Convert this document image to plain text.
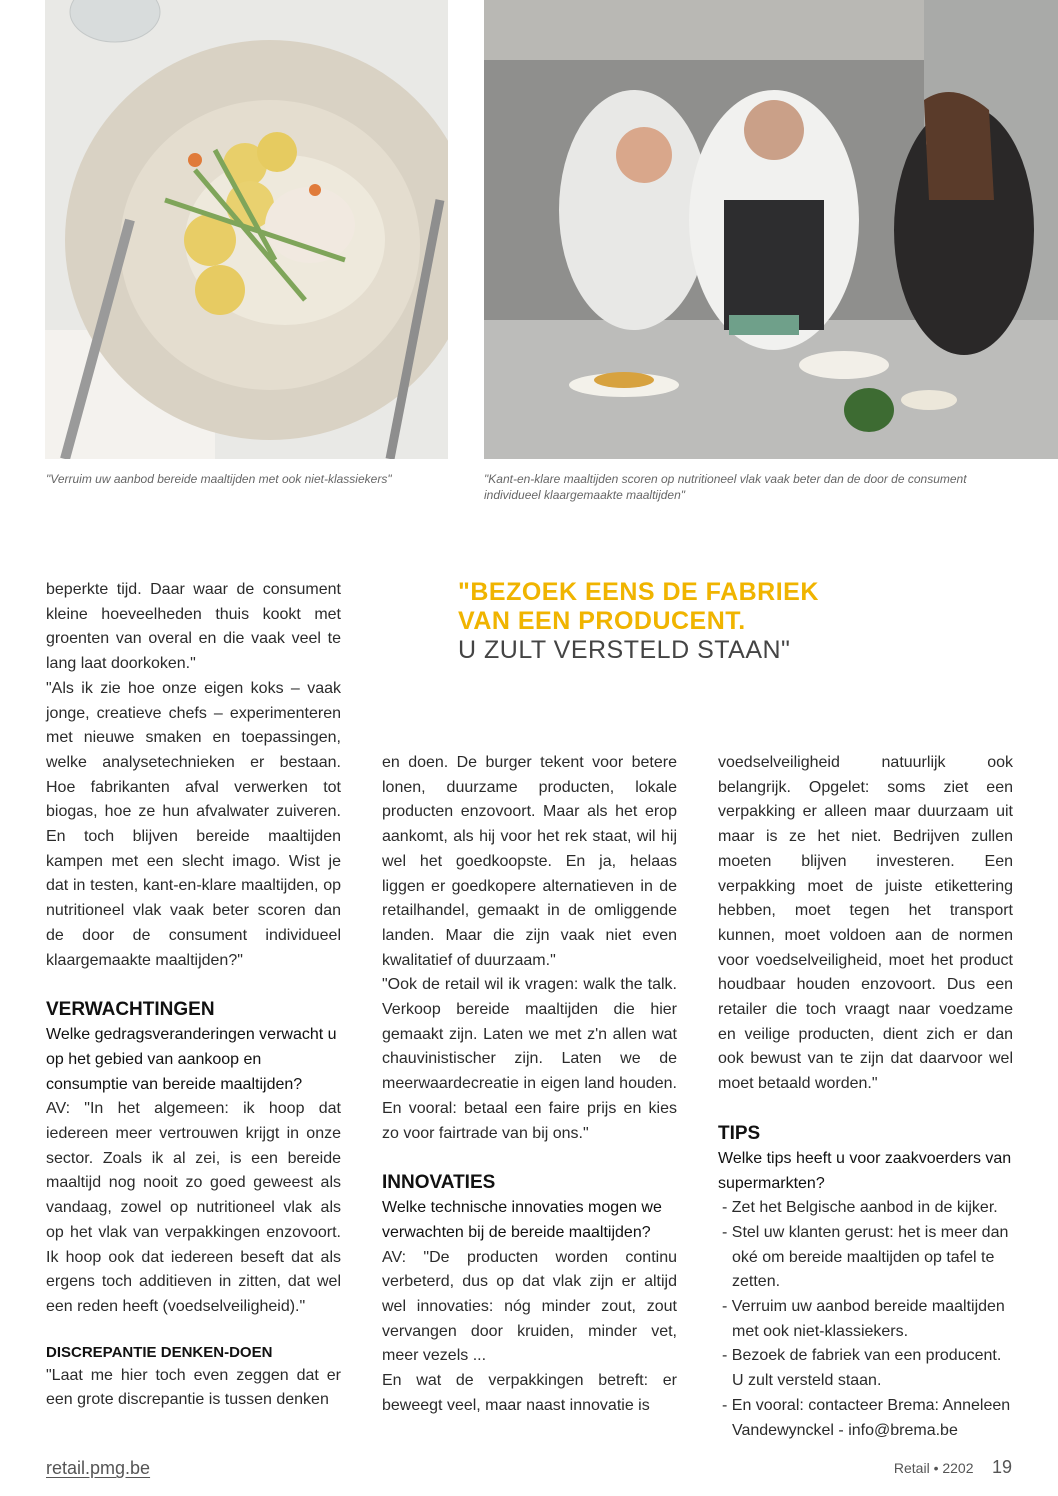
"Verruim uw aanbod bereide maaltijden met ook niet-klassiekers"	"Kant-en-klare maaltijden scoren op nutritioneel vlak vaak beter dan de door de consument individueel klaargemaakte maaltijden"
"BEZOEK EENS DE FABRIEK
VAN EEN PRODUCENT.
U ZULT VERSTELD STAAN"

beperkte tijd. Daar waar de consument kleine hoeveelheden thuis kookt met groenten van overal en die vaak veel te lang laat doorkoken."

"Als ik zie hoe onze eigen koks – vaak jonge, creatieve chefs – experimenteren met nieuwe smaken en toepassingen, welke analysetechnieken er bestaan. Hoe fabrikanten afval verwerken tot biogas, hoe ze hun afvalwater zuiveren. En toch blijven bereide maaltijden kampen met een slecht imago. Wist je dat in testen, kant-en-klare maaltijden, op nutritioneel vlak vaak beter scoren dan de door de consument individueel klaargemaakte maaltijden?"

VERWACHTINGEN

Welke gedragsveranderingen verwacht u op het gebied van aankoop en consumptie van bereide maaltijden?

AV: "In het algemeen: ik hoop dat iedereen meer vertrouwen krijgt in onze sector. Zoals ik al zei, is een bereide maaltijd nog nooit zo goed geweest als vandaag, zowel op nutritioneel vlak als op het vlak van verpakkingen enzovoort. Ik hoop ook dat iedereen beseft dat als ergens toch additieven in zitten, dat wel een reden heeft (voedselveiligheid)."

DISCREPANTIE DENKEN-DOEN

"Laat me hier toch even zeggen dat er een grote discrepantie is tussen denken

en doen. De burger tekent voor betere lonen, duurzame producten, lokale producten enzovoort. Maar als het erop aankomt, als hij voor het rek staat, wil hij wel het goedkoopste. En ja, helaas liggen er goedkopere alternatieven in de retailhandel, gemaakt in de omliggende landen. Maar die zijn vaak niet even kwalitatief of duurzaam."

"Ook de retail wil ik vragen: walk the talk. Verkoop bereide maaltijden die hier gemaakt zijn. Laten we met z'n allen wat chauvinistischer zijn. Laten we de meerwaardecreatie in eigen land houden. En vooral: betaal een faire prijs en kies zo voor fairtrade van bij ons."

INNOVATIES

Welke technische innovaties mogen we verwachten bij de bereide maaltijden?

AV: "De producten worden continu verbeterd, dus op dat vlak zijn er altijd wel innovaties: nóg minder zout, zout vervangen door kruiden, minder vet, meer vezels ...

En wat de verpakkingen betreft: er beweegt veel, maar naast innovatie is

voedselveiligheid natuurlijk ook belangrijk. Opgelet: soms ziet een verpakking er alleen maar duurzaam uit maar is ze het niet. Bedrijven zullen moeten blijven investeren. Een verpakking moet de juiste etikettering hebben, moet tegen het transport kunnen, moet voldoen aan de normen voor voedselveiligheid, moet het product houdbaar houden enzovoort. Dus een retailer die toch vraagt naar voedzame en veilige producten, dient zich er dan ook bewust van te zijn dat daarvoor wel moet betaald worden."

TIPS

Welke tips heeft u voor zaakvoerders van supermarkten?

- Zet het Belgische aanbod in de kijker.
- Stel uw klanten gerust: het is meer dan oké om bereide maaltijden op tafel te zetten.
- Verruim uw aanbod bereide maaltijden met ook niet-klassiekers.
- Bezoek de fabriek van een producent. U zult versteld staan.
- En vooral: contacteer Brema: Anneleen Vandewynckel - info@brema.be
retail.pmg.be	Retail • 2202 19
